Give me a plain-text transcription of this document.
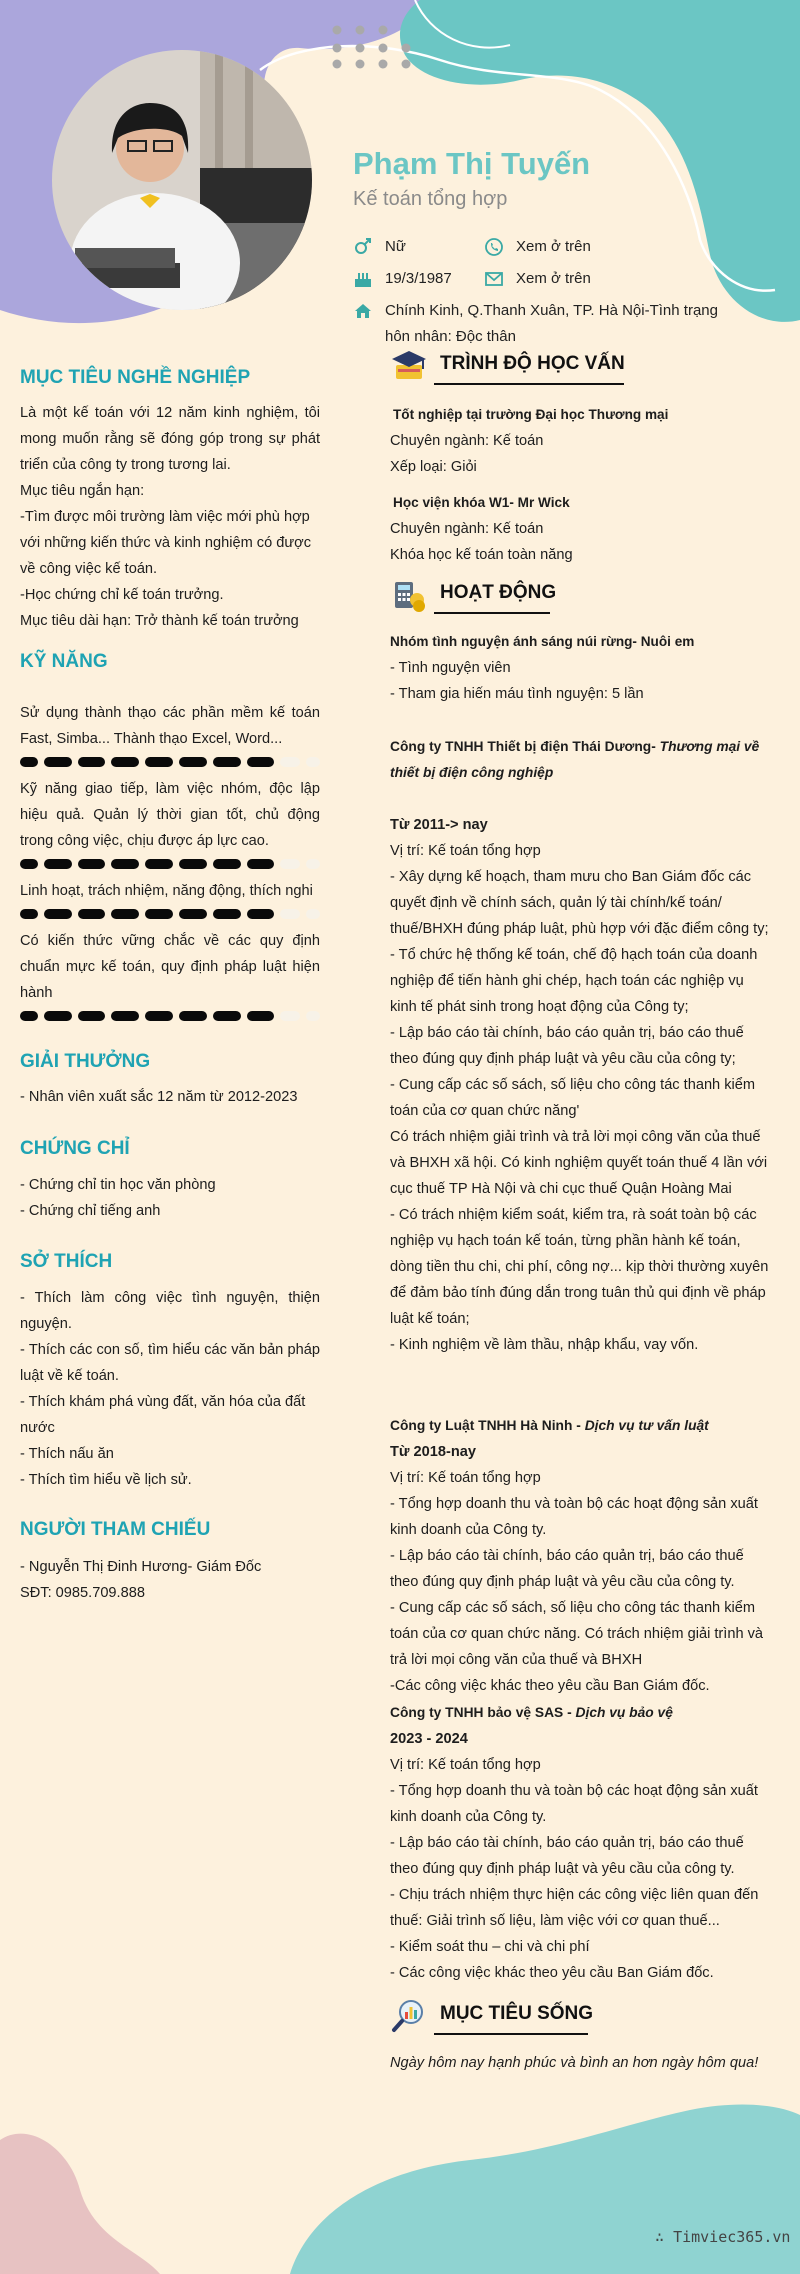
Phạm Thị Tuyến
Kế toán tổng hợp
Nữ	Xem ở trên
19/3/1987	Xem ở trên
Chính Kinh, Q.Thanh Xuân, TP. Hà Nội-Tình trạng
hôn nhân: Độc thân
MỤC TIÊU NGHỀ NGHIỆP

Là một kế toán với 12 năm kinh nghiệm, tôi mong muốn rằng sẽ đóng góp trong sự phát triển của công ty trong tương lai.

Mục tiêu ngắn hạn:

-Tìm được môi trường làm việc mới phù hợp với những kiến thức và kinh nghiệm có được về công việc kế toán.

-Học chứng chỉ kế toán trưởng.

Mục tiêu dài hạn: Trở thành kế toán trưởng

KỸ NĂNG

Sử dụng thành thạo các phần mềm kế toán Fast, Simba... Thành thạo Excel, Word...

Kỹ năng giao tiếp, làm việc nhóm, độc lập hiệu quả. Quản lý thời gian tốt, chủ động trong công việc, chịu được áp lực cao.

Linh hoạt, trách nhiệm, năng động, thích nghi

Có kiến thức vững chắc về các quy định chuẩn mực kế toán, quy định pháp luật hiện hành

GIẢI THƯỞNG

- Nhân viên xuất sắc 12 năm từ 2012-2023

CHỨNG CHỈ

- Chứng chỉ tin học văn phòng

- Chứng chỉ tiếng anh

SỞ THÍCH

- Thích làm công việc tình nguyện, thiện nguyện.

- Thích các con số, tìm hiểu các văn bản pháp luật về kế toán.

- Thích khám phá vùng đất, văn hóa của đất nước

- Thích nấu ăn

- Thích tìm hiểu về lịch sử.

NGƯỜI THAM CHIẾU

- Nguyễn Thị Đinh Hương- Giám Đốc

SĐT: 0985.709.888

TRÌNH ĐỘ HỌC VẤN

Tốt nghiệp tại trường Đại học Thương mại

Chuyên ngành: Kế toán

Xếp loại: Giỏi

Học viện khóa W1- Mr Wick

Chuyên ngành: Kế toán

Khóa học kế toán toàn năng

HOẠT ĐỘNG

Nhóm tình nguyện ánh sáng núi rừng- Nuôi em

- Tình nguyện viên

- Tham gia hiến máu tình nguyện: 5 lần

Công ty TNHH Thiết bị điện Thái Dương- Thương mại về thiết bị điện công nghiệp

Từ 2011-> nay

Vị trí: Kế toán tổng hợp

- Xây dựng kế hoạch, tham mưu cho Ban Giám đốc các quyết định về chính sách, quản lý tài chính/kế toán/ thuế/BHXH đúng pháp luật, phù hợp với đặc điểm công ty;

- Tổ chức hệ thống kế toán, chế độ hạch toán của doanh nghiệp để tiến hành ghi chép, hạch toán các nghiệp vụ kinh tế phát sinh trong hoạt động của Công ty;

- Lập báo cáo tài chính, báo cáo quản trị, báo cáo thuế theo đúng quy định pháp luật và yêu cầu của công ty;

- Cung cấp các số sách, số liệu cho công tác thanh kiểm toán của cơ quan chức năng'

Có trách nhiệm giải trình và trả lời mọi công văn của thuế và BHXH xã hội. Có kinh nghiệm quyết toán thuế 4 lần với cục thuế TP Hà Nội và chi cục thuế Quận Hoàng Mai

- Có trách nhiệm kiểm soát, kiểm tra, rà soát toàn bộ các nghiệp vụ hạch toán kế toán, từng phần hành kế toán, dòng tiền thu chi, chi phí, công nợ... kịp thời thường xuyên để đảm bảo tính đúng dắn trong tuân thủ qui định về pháp luật kế toán;

- Kinh nghiệm về làm thầu, nhập khẩu, vay vốn.

Công ty Luật TNHH Hà Ninh - Dịch vụ tư vấn luật

Từ 2018-nay

Vị trí: Kế toán tổng hợp

- Tổng hợp doanh thu và toàn bộ các hoạt động sản xuất kinh doanh của Công ty.

- Lập báo cáo tài chính, báo cáo quản trị, báo cáo thuế theo đúng quy định pháp luật và yêu cầu của công ty.

- Cung cấp các số sách, số liệu cho công tác thanh kiểm toán của cơ quan chức năng. Có trách nhiệm giải trình và trả lời mọi công văn của thuế và BHXH

-Các công việc khác theo yêu cầu Ban Giám đốc.

Công ty TNHH bảo vệ SAS - Dịch vụ bảo vệ

2023 - 2024

Vị trí: Kế toán tổng hợp

- Tổng hợp doanh thu và toàn bộ các hoạt động sản xuất kinh doanh của Công ty.

- Lập báo cáo tài chính, báo cáo quản trị, báo cáo thuế theo đúng quy định pháp luật và yêu cầu của công ty.

- Chịu trách nhiệm thực hiện các công việc liên quan đến thuế: Giải trình số liệu, làm việc với cơ quan thuế...

- Kiểm soát thu – chi và chi phí

- Các công việc khác theo yêu cầu Ban Giám đốc.

MỤC TIÊU SỐNG

Ngày hôm nay hạnh phúc và bình an hơn ngày hôm qua!

∴ Timviec365.vn
